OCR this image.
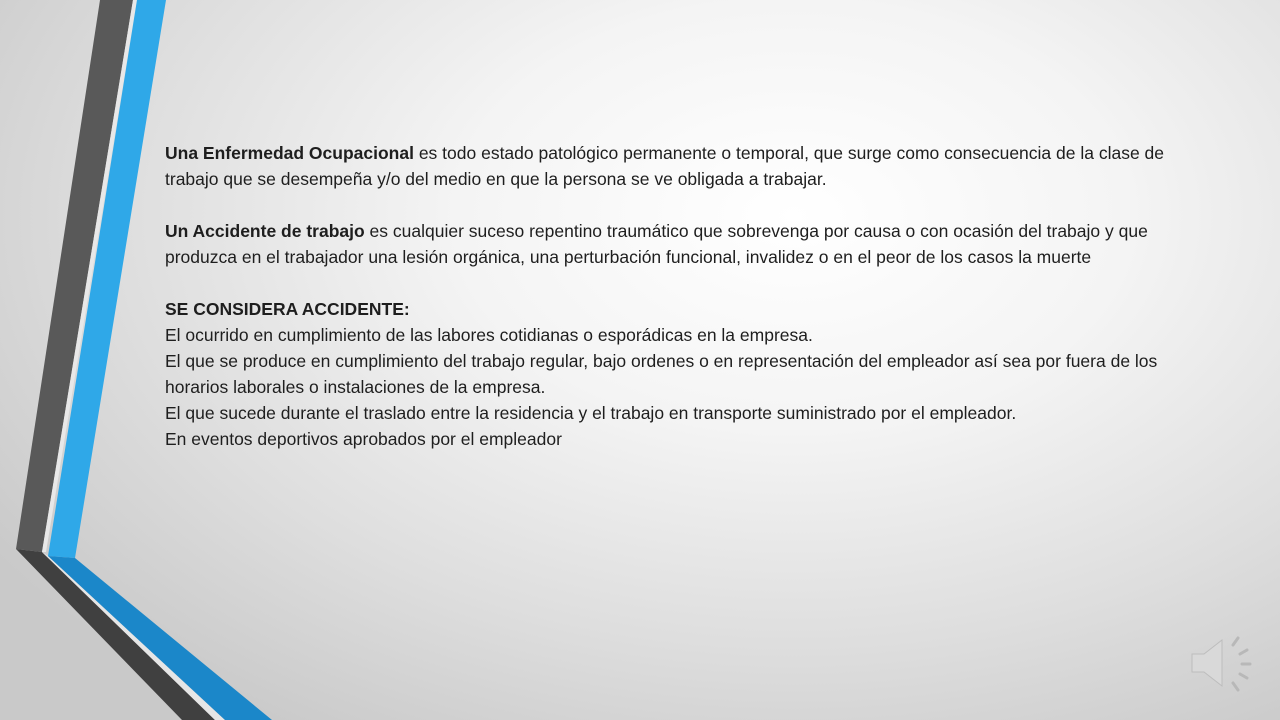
Una Enfermedad Ocupacional es todo estado patológico permanente o temporal, que surge como consecuencia de la clase de trabajo que se desempeña y/o del medio en que la persona se ve obligada a trabajar.

Un Accidente de trabajo es cualquier suceso repentino traumático que sobrevenga por causa o con ocasión del trabajo y que produzca en el trabajador una lesión orgánica, una perturbación funcional, invalidez o en el peor de los casos la muerte

SE CONSIDERA ACCIDENTE:

El ocurrido en cumplimiento de las labores cotidianas o esporádicas en la empresa.

El que se produce en cumplimiento del trabajo regular, bajo ordenes o en representación del empleador así sea por fuera de los horarios laborales o instalaciones de la empresa.

El que sucede durante el traslado entre la residencia y el trabajo en transporte suministrado por el empleador.

En eventos deportivos aprobados por el empleador
